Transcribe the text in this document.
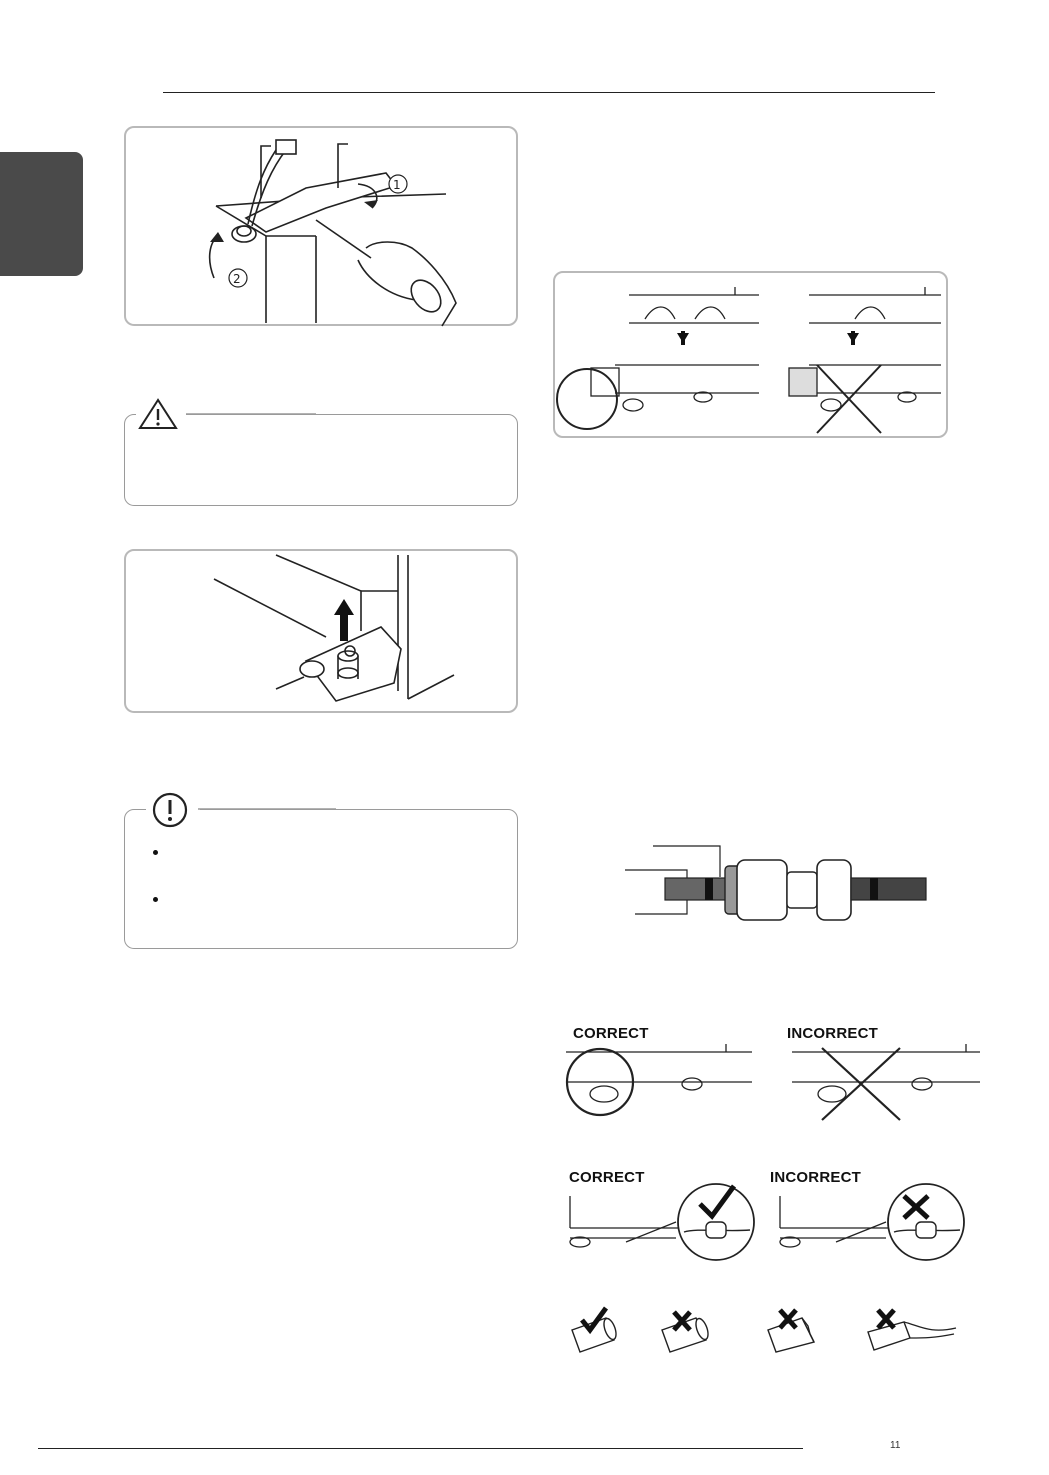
1
2
CORRECT	INCORRECT
CORRECT	INCORRECT
11
